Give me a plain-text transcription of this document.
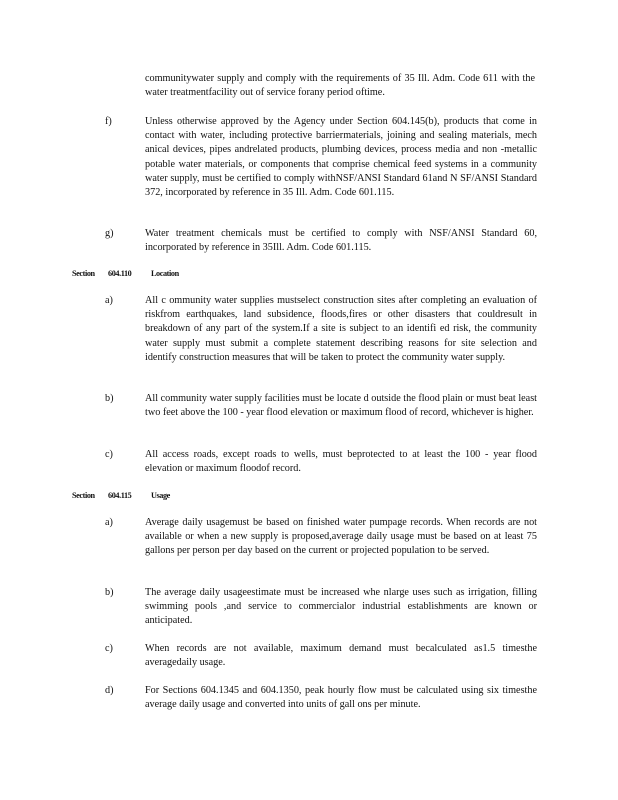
communitywater supply and comply with the requirements of 35 Ill. Adm. Code 611 with the water treatmentfacility out of service forany period oftime.

f)	Unless otherwise approved by the Agency under Section 604.145(b), products that come in contact with water, including protective barriermaterials, joining and sealing materials, mech anical devices, pipes andrelated products, plumbing devices, process media and non -metallic potable water materials, or components that comprise chemical feed systems in a community water supply, must be certified to comply withNSF/ANSI Standard 61and N SF/ANSI Standard 372, incorporated by reference in 35 Ill. Adm. Code 601.115.

g)	Water treatment chemicals must be certified to comply with NSF/ANSI Standard 60, incorporated by reference in 35Ill. Adm. Code 601.115.

Section 604.110 Location
a)	All c ommunity water supplies mustselect construction sites after completing an evaluation of riskfrom earthquakes, land subsidence, floods,fires or other disasters that couldresult in breakdown of any part of the system.If a site is subject to an identifi ed risk, the community water supply must submit a complete statement describing reasons for site selection and identify construction measures that will be taken to protect the community water supply.

b)	All community water supply facilities must be locate d outside the flood plain or must beat least two feet above the 100 - year flood elevation or maximum flood of record, whichever is higher.

c)	All access roads, except roads to wells, must beprotected to at least the 100 - year flood elevation or maximum floodof record.

Section 604.115 Usage
a)	Average daily usagemust be based on finished water pumpage records. When records are not available or when a new supply is proposed,average daily usage must be based on at least 75 gallons per person per day based on the current or projected population to be served.

b)	The average daily usageestimate must be increased whe nlarge uses such as irrigation, filling swimming pools ,and service to commercialor industrial establishments are known or anticipated.

c)	When records are not available, maximum demand must becalculated as1.5 timesthe averagedaily usage.

d)	For Sections 604.1345 and 604.1350, peak hourly flow must be calculated using six timesthe average daily usage and converted into units of gall ons per minute.
